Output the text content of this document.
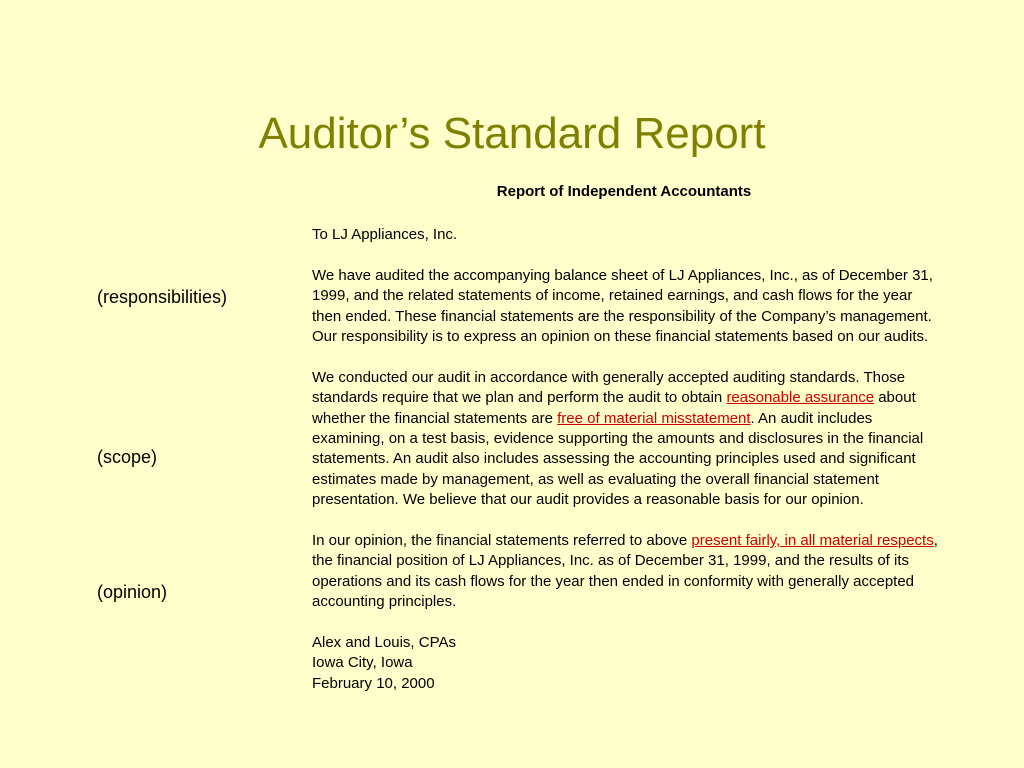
Auditor’s Standard Report
Report of Independent Accountants
(responsibilities)
(scope)
(opinion)

To LJ Appliances, Inc.

We have audited the accompanying balance sheet of LJ Appliances, Inc., as of December 31, 1999, and the related statements of income, retained earnings, and cash flows for the year then ended. These financial statements are the responsibility of the Company’s management. Our responsibility is to express an opinion on these financial statements based on our audits.

We conducted our audit in accordance with generally accepted auditing standards. Those standards require that we plan and perform the audit to obtain reasonable assurance about whether the financial statements are free of material misstatement. An audit includes examining, on a test basis, evidence supporting the amounts and disclosures in the financial statements. An audit also includes assessing the accounting principles used and significant estimates made by management, as well as evaluating the overall financial statement presentation. We believe that our audit provides a reasonable basis for our opinion.

In our opinion, the financial statements referred to above present fairly, in all material respects, the financial position of LJ Appliances, Inc. as of December 31, 1999, and the results of its operations and its cash flows for the year then ended in conformity with generally accepted accounting principles.

Alex and Louis, CPAs
Iowa City, Iowa
February 10, 2000
